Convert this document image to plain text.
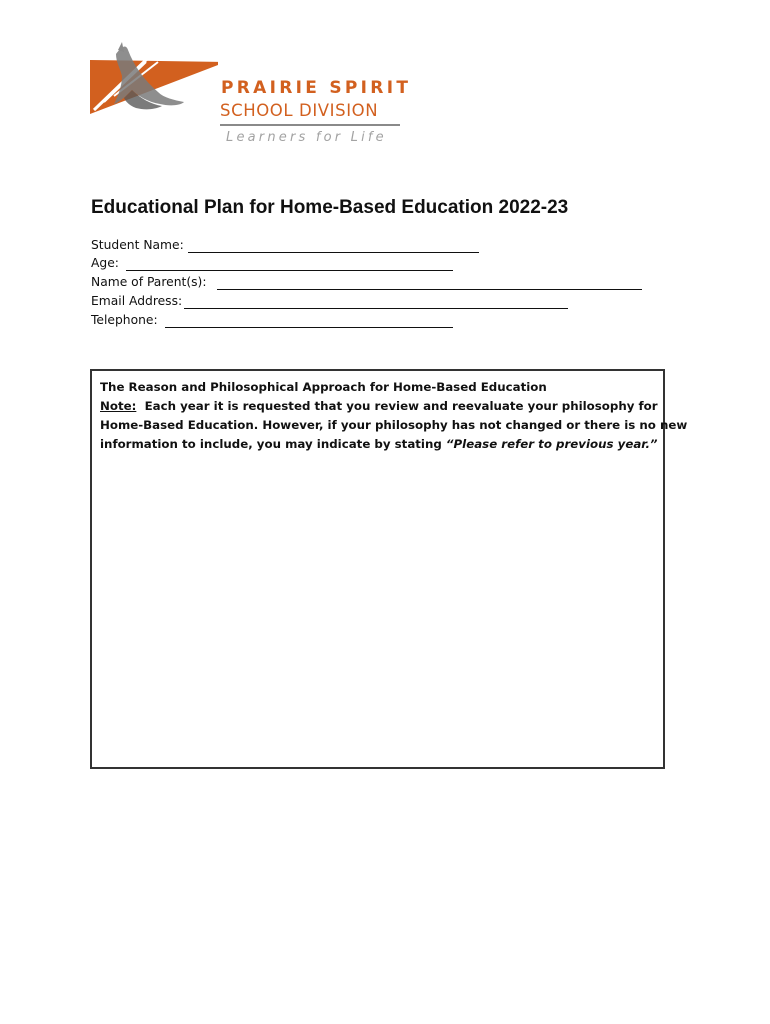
PRAIRIE SPIRIT
SCHOOL DIVISION
Learners for Life
Educational Plan for Home-Based Education 2022-23
Student Name:
Age:
Name of Parent(s):
Email Address:
Telephone:
The Reason and Philosophical Approach for Home-Based Education
Note: Each year it is requested that you review and reevaluate your philosophy for
Home-Based Education. However, if your philosophy has not changed or there is no new
information to include, you may indicate by stating “Please refer to previous year.”
